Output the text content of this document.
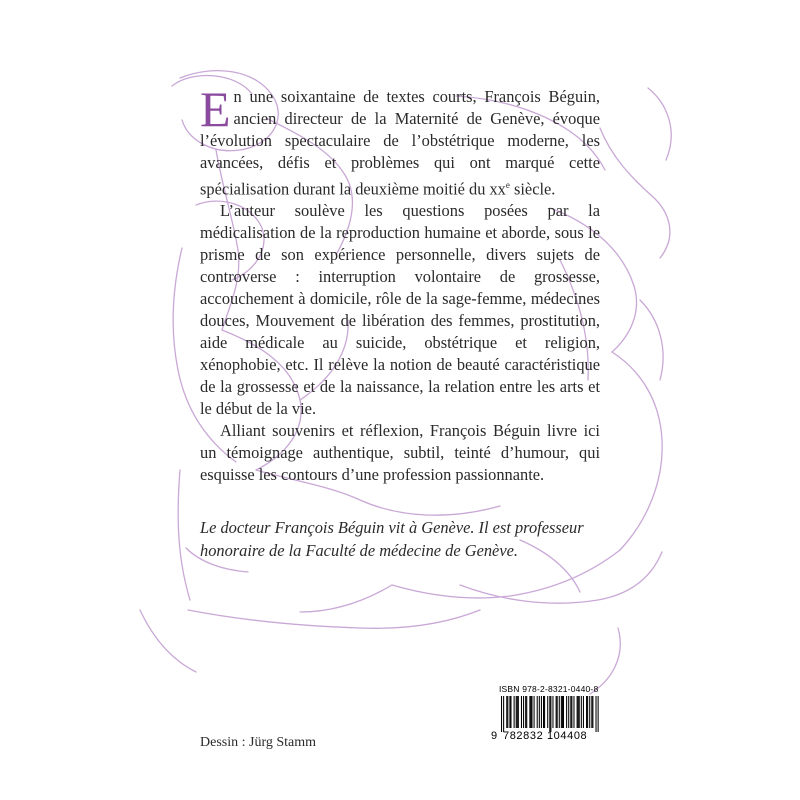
En une soixantaine de textes courts, François Béguin, ancien directeur de la Maternité de Genève, évoque l’évolution spectaculaire de l’obstétrique moderne, les avancées, défis et problèmes qui ont marqué cette spécialisation durant la deuxième moitié du $xx^e$ siècle.

L’auteur soulève les questions posées par la médicalisation de la reproduction humaine et aborde, sous le prisme de son expérience personnelle, divers sujets de controverse : interruption volontaire de grossesse, accouchement à domicile, rôle de la sage-femme, médecines douces, Mouvement de libération des femmes, prostitution, aide médicale au suicide, obstétrique et religion, xénophobie, etc. Il relève la notion de beauté caractéristique de la grossesse et de la naissance, la relation entre les arts et le début de la vie.

Alliant souvenirs et réflexion, François Béguin livre ici un témoignage authentique, subtil, teinté d’humour, qui esquisse les contours d’une profession passionnante.

Le docteur François Béguin vit à Genève. Il est professeur honoraire de la Faculté de médecine de Genève.
Dessin : Jürg Stamm
ISBN 978-2-8321-0440-8
9 782832 104408
